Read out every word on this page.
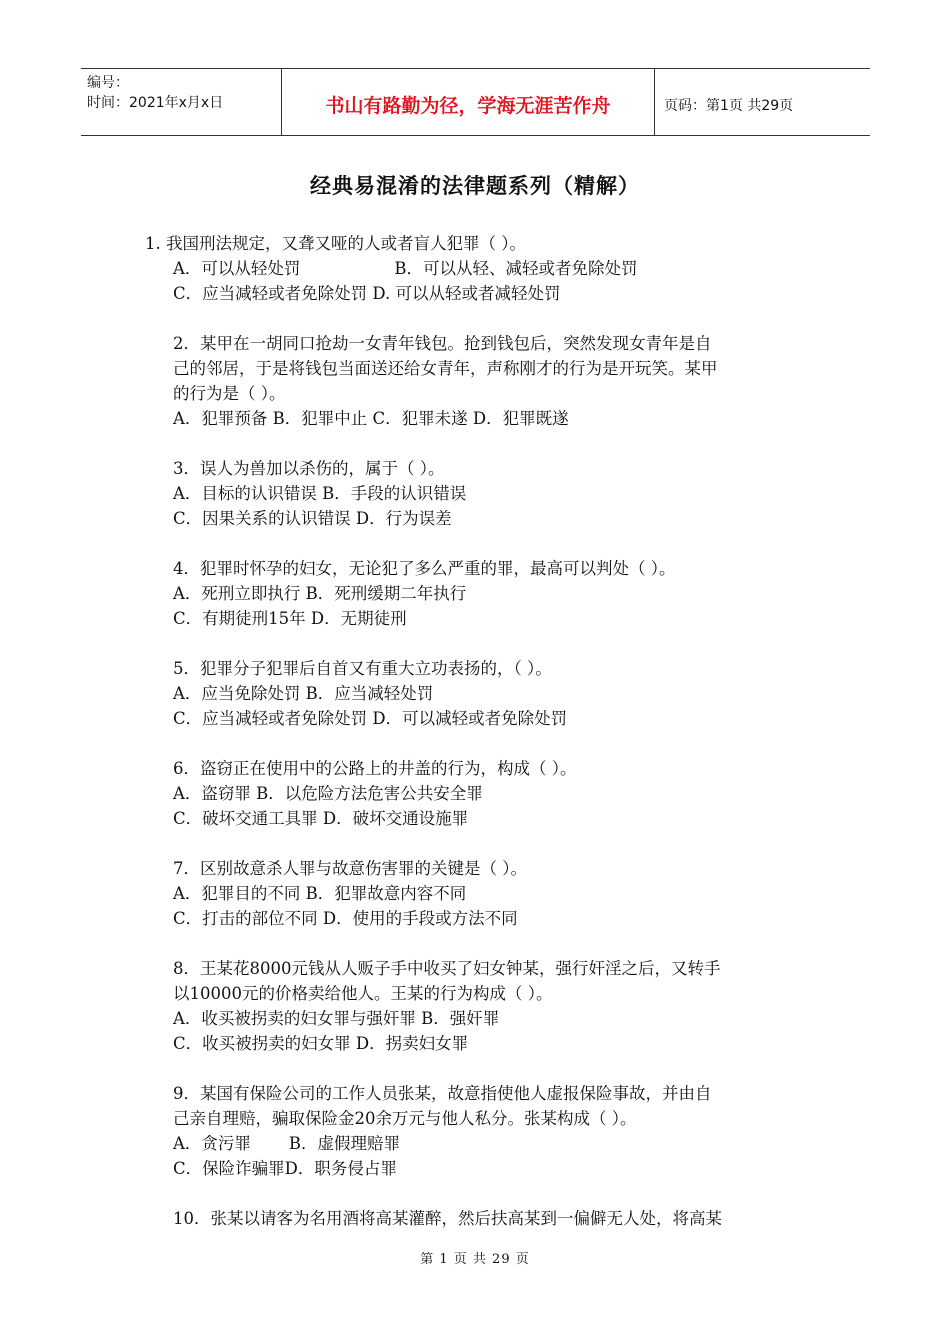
编号：
时间：2021年x月x日	书山有路勤为径，学海无涯苦作舟	页码：第1页 共29页
经典易混淆的法律题系列（精解）
1. 我国刑法规定，又聋又哑的人或者盲人犯罪（ ）。
A．可以从轻处罚	B．可以从轻、减轻或者免除处罚
C．应当减轻或者免除处罚 D. 可以从轻或者减轻处罚
2．某甲在一胡同口抢劫一女青年钱包。抢到钱包后，突然发现女青年是自
己的邻居，于是将钱包当面送还给女青年，声称刚才的行为是开玩笑。某甲
的行为是（ ）。
A．犯罪预备 B．犯罪中止 C．犯罪未遂 D．犯罪既遂
3．误人为兽加以杀伤的，属于（ ）。
A．目标的认识错误 B．手段的认识错误
C．因果关系的认识错误 D．行为误差
4．犯罪时怀孕的妇女，无论犯了多么严重的罪，最高可以判处（ ）。
A．死刑立即执行 B．死刑缓期二年执行
C．有期徒刑15年 D．无期徒刑
5．犯罪分子犯罪后自首又有重大立功表扬的，（ ）。
A．应当免除处罚 B．应当减轻处罚
C．应当减轻或者免除处罚 D．可以减轻或者免除处罚
6．盗窃正在使用中的公路上的井盖的行为，构成（ ）。
A．盗窃罪 B．以危险方法危害公共安全罪
C．破坏交通工具罪 D．破坏交通设施罪
7．区别故意杀人罪与故意伤害罪的关键是（ ）。
A．犯罪目的不同 B．犯罪故意内容不同
C．打击的部位不同 D．使用的手段或方法不同
8．王某花8000元钱从人贩子手中收买了妇女钟某，强行奸淫之后，又转手
以10000元的价格卖给他人。王某的行为构成（ ）。
A．收买被拐卖的妇女罪与强奸罪 B．强奸罪
C．收买被拐卖的妇女罪 D．拐卖妇女罪
9．某国有保险公司的工作人员张某，故意指使他人虚报保险事故，并由自
己亲自理赔，骗取保险金20余万元与他人私分。张某构成（ ）。
A．贪污罪 B．虚假理赔罪
C．保险诈骗罪D．职务侵占罪
10．张某以请客为名用酒将高某灌醉，然后扶高某到一偏僻无人处，将高某
第 1 页 共 29 页
